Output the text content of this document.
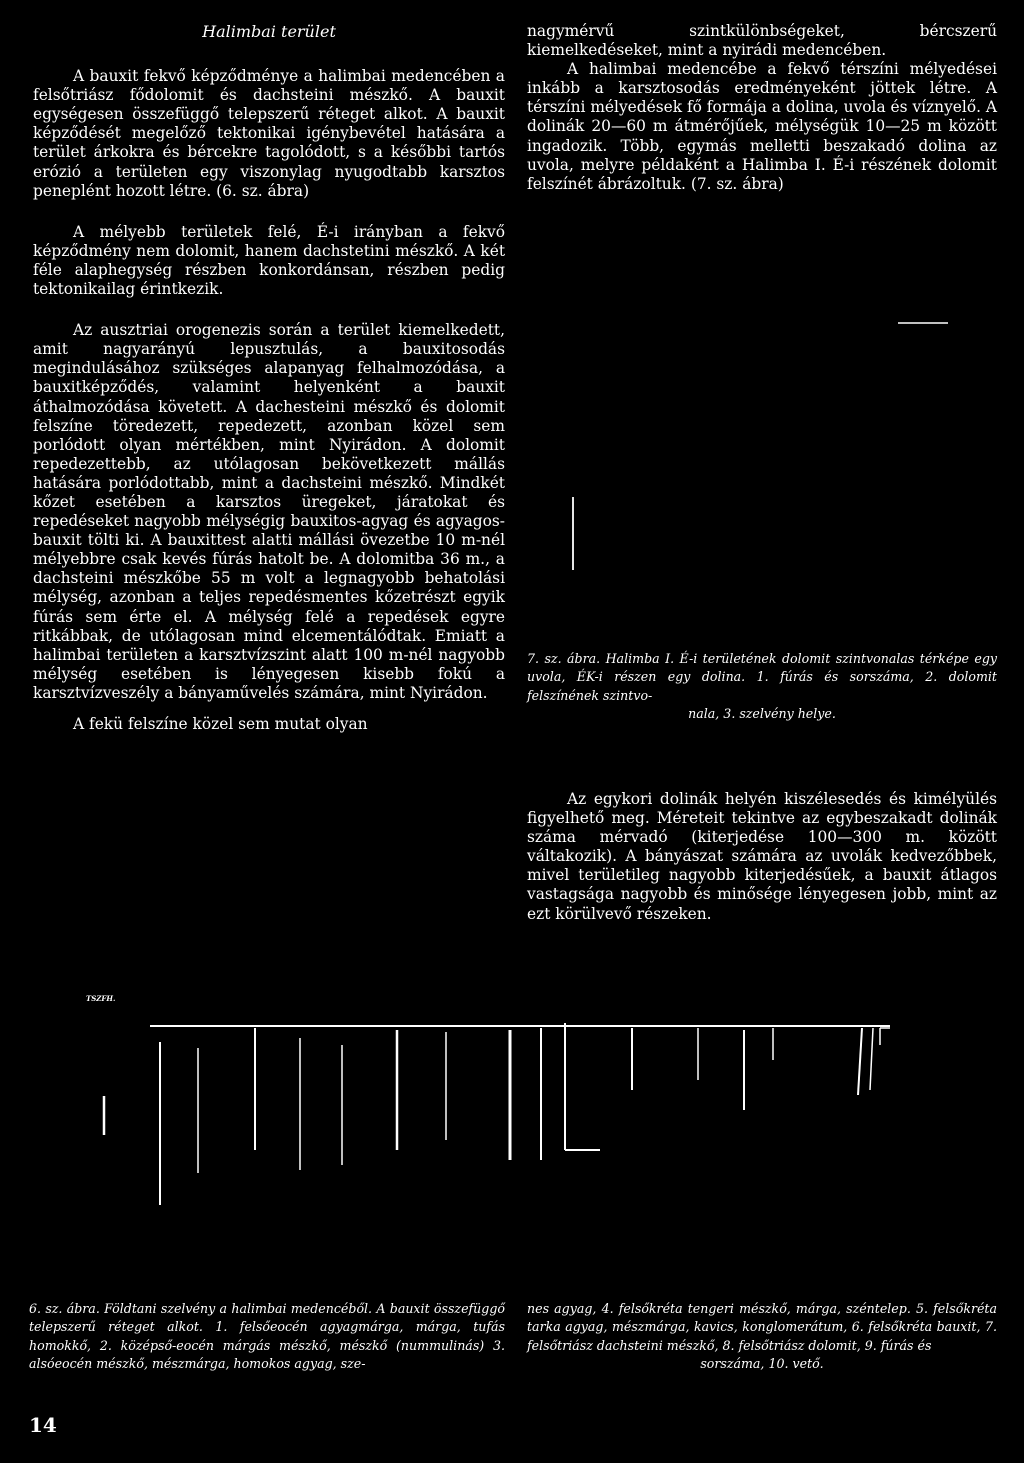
Halimbai terület

A bauxit fekvő képződménye a halimbai medencében a felsőtriász fődolomit és dachsteini mészkő. A bauxit egységesen összefüggő telepszerű réteget alkot. A bauxit képződését megelőző tektonikai igénybevétel hatására a terület árkokra és bércekre tagolódott, s a későbbi tartós erózió a területen egy viszonylag nyugodtabb karsztos peneplént hozott létre. (6. sz. ábra)

A mélyebb területek felé, É-i irányban a fekvő képződmény nem dolomit, hanem dachstetini mészkő. A két féle alaphegység részben konkordánsan, részben pedig tektonikailag érintkezik.

Az ausztriai orogenezis során a terület kiemelkedett, amit nagyarányú lepusztulás, a bauxitosodás megindulásához szükséges alapanyag felhalmozódása, a bauxitképződés, valamint helyenként a bauxit áthalmozódása követett. A dachesteini mészkő és dolomit felszíne töredezett, repedezett, azonban közel sem porlódott olyan mértékben, mint Nyirádon. A dolomit repedezettebb, az utólagosan bekövetkezett mállás hatására porlódottabb, mint a dachsteini mészkő. Mindkét kőzet esetében a karsztos üregeket, járatokat és repedéseket nagyobb mélységig bauxitos-agyag és agyagos-bauxit tölti ki. A bauxittest alatti mállási övezetbe 10 m-nél mélyebbre csak kevés fúrás hatolt be. A dolomitba 36 m., a dachsteini mészkőbe 55 m volt a legnagyobb behatolási mélység, azonban a teljes repedésmentes kőzetrészt egyik fúrás sem érte el. A mélység felé a repedések egyre ritkábbak, de utólagosan mind elcementálódtak. Emiatt a halimbai területen a karsztvízszint alatt 100 m-nél nagyobb mélység esetében is lényegesen kisebb fokú a karsztvízveszély a bányaművelés számára, mint Nyirádon.

A fekü felszíne közel sem mutat olyan

nagymérvű szintkülönbségeket, bércszerű kiemelkedéseket, mint a nyirádi medencében.

A halimbai medencébe a fekvő térszíni mélyedései inkább a karsztosodás eredményeként jöttek létre. A térszíni mélyedések fő formája a dolina, uvola és víznyelő. A dolinák 20—60 m átmérőjűek, mélységük 10—25 m között ingadozik. Több, egymás melletti beszakadó dolina az uvola, melyre példaként a Halimba I. É-i részének dolomit felszínét ábrázoltuk. (7. sz. ábra)

7. sz. ábra. Halimba I. É-i területének dolomit szintvonalas térképe egy uvola, ÉK-i részen egy dolina. 1. fúrás és sorszáma, 2. dolomit felszínének szintvo-
nala, 3. szelvény helye.

Az egykori dolinák helyén kiszélesedés és kimélyülés figyelhető meg. Méreteit tekintve az egybeszakadt dolinák száma mérvadó (kiterjedése 100—300 m. között váltakozik). A bányászat számára az uvolák kedvezőbbek, mivel területileg nagyobb kiterjedésűek, a bauxit átlagos vastagsága nagyobb és minősége lényegesen jobb, mint az ezt körülvevő részeken.

TSZFH.
6. sz. ábra. Földtani szelvény a halimbai medencéből. A bauxit összefüggő telepszerű réteget alkot. 1. felsőeocén agyagmárga, márga, tufás homokkő, 2. középső-eocén márgás mészkő, mészkő (nummulinás) 3. alsóeocén mészkő, mészmárga, homokos agyag, sze-
nes agyag, 4. felsőkréta tengeri mészkő, márga, széntelep. 5. felsőkréta tarka agyag, mészmárga, kavics, konglomerátum, 6. felsőkréta bauxit, 7. felsőtriász dachsteini mészkő, 8. felsőtriász dolomit, 9. fúrás és
sorszáma, 10. vető.
14
